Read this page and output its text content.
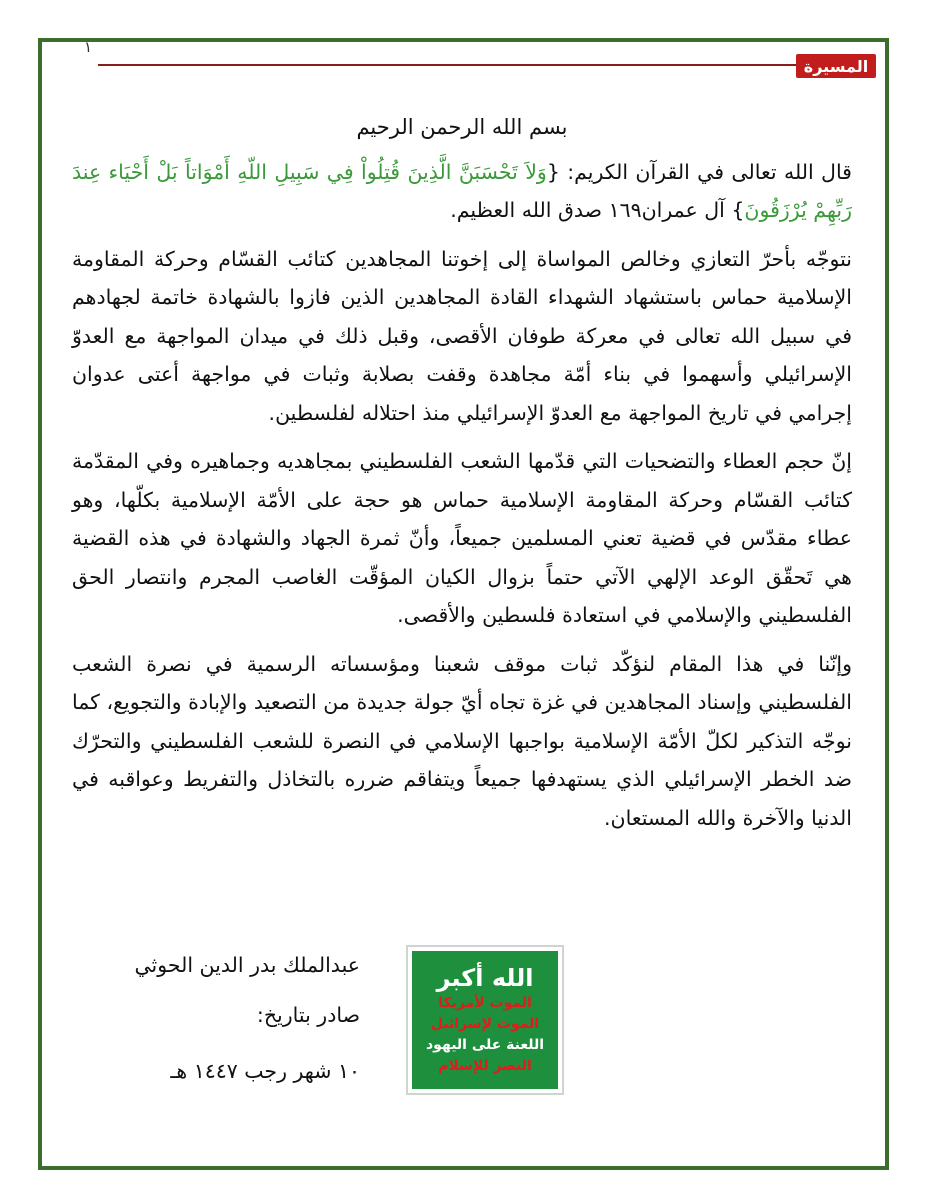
١
المسيرة

بسم الله الرحمن الرحيم

قال الله تعالى في القرآن الكريم: {وَلاَ تَحْسَبَنَّ الَّذِينَ قُتِلُواْ فِي سَبِيلِ اللّهِ أَمْوَاتاً بَلْ أَحْيَاء عِندَ رَبِّهِمْ يُرْزَقُونَ} آل عمران١٦٩ صدق الله العظيم.

نتوجّه بأحرّ التعازي وخالص المواساة إلى إخوتنا المجاهدين كتائب القسّام وحركة المقاومة الإسلامية حماس باستشهاد الشهداء القادة المجاهدين الذين فازوا بالشهادة خاتمة لجهادهم في سبيل الله تعالى في معركة طوفان الأقصى، وقبل ذلك في ميدان المواجهة مع العدوّ الإسرائيلي وأسهموا في بناء أمّة مجاهدة وقفت بصلابة وثبات في مواجهة أعتى عدوان إجرامي في تاريخ المواجهة مع العدوّ الإسرائيلي منذ احتلاله لفلسطين.

إنّ حجم العطاء والتضحيات التي قدّمها الشعب الفلسطيني بمجاهديه وجماهيره وفي المقدّمة كتائب القسّام وحركة المقاومة الإسلامية حماس هو حجة على الأمّة الإسلامية بكلّها، وهو عطاء مقدّس في قضية تعني المسلمين جميعاً، وأنّ ثمرة الجهاد والشهادة في هذه القضية هي تَحقّق الوعد الإلهي الآتي حتماً بزوال الكيان المؤقّت الغاصب المجرم وانتصار الحق الفلسطيني والإسلامي في استعادة فلسطين والأقصى.

وإنّنا في هذا المقام لنؤكّد ثبات موقف شعبنا ومؤسساته الرسمية في نصرة الشعب الفلسطيني وإسناد المجاهدين في غزة تجاه أيّ جولة جديدة من التصعيد والإبادة والتجويع، كما نوجّه التذكير لكلّ الأمّة الإسلامية بواجبها الإسلامي في النصرة للشعب الفلسطيني والتحرّك ضد الخطر الإسرائيلي الذي يستهدفها جميعاً ويتفاقم ضرره بالتخاذل والتفريط وعواقبه في الدنيا والآخرة والله المستعان.

عبدالملك بدر الدين الحوثي
صادر بتاريخ:
١٠ شهر رجب ١٤٤٧ هـ
الله أكبر
الموت لأمريكا
الموت لإسرائيل
اللعنة على اليهود
النصر للإسلام
